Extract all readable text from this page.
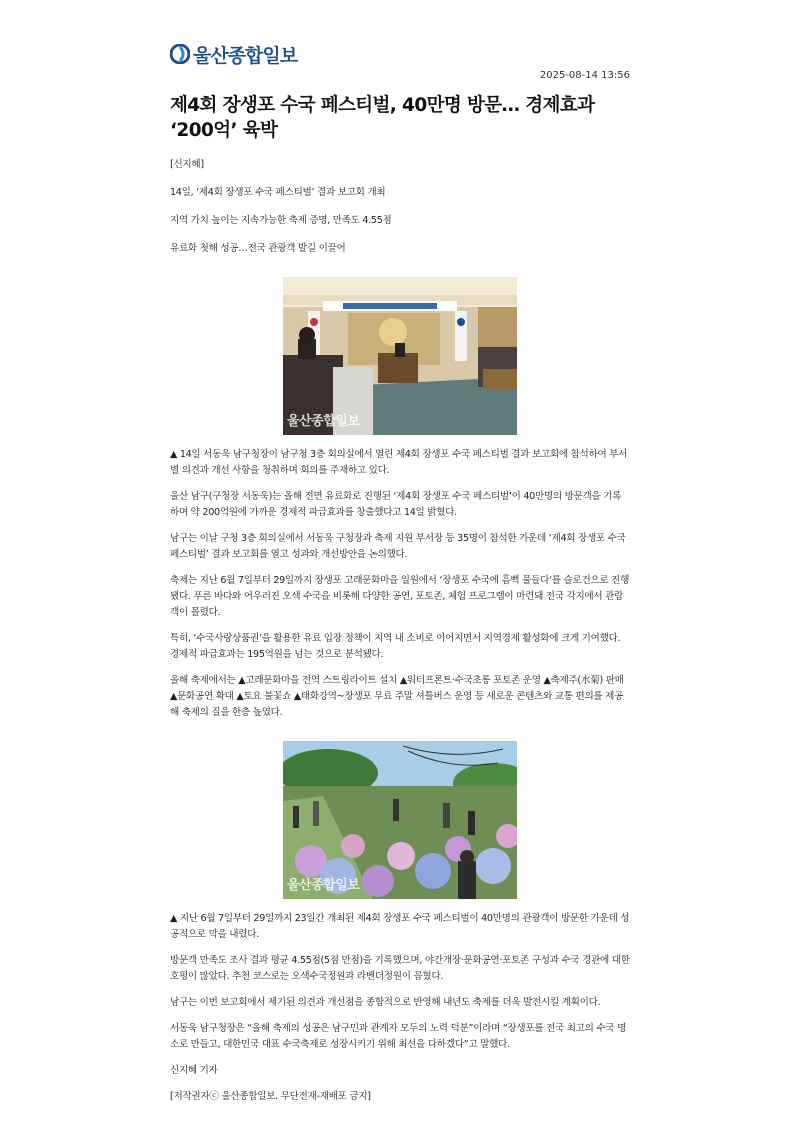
울산종합일보
2025-08-14 13:56
제4회 장생포 수국 페스티벌, 40만명 방문… 경제효과 ‘200억’ 육박

[신지혜]

14일, ‘제4회 장생포 수국 페스티벌’ 결과 보고회 개최

지역 가치 높이는 지속가능한 축제 증명, 만족도 4.55점

유료화 첫해 성공…전국 관광객 발길 이끌어

울산종합일보

▲ 14일 서동욱 남구청장이 남구청 3층 회의실에서 열린 제4회 장생포 수국 페스티벌 결과 보고회에 참석하여 부서별 의견과 개선 사항을 청취하며 회의를 주재하고 있다.

울산 남구(구청장 서동욱)는 올해 전면 유료화로 진행된 ‘제4회 장생포 수국 페스티벌’이 40만명의 방문객을 기록하며 약 200억원에 가까운 경제적 파급효과를 창출했다고 14일 밝혔다.

남구는 이날 구청 3층 회의실에서 서동욱 구청장과 축제 지원 부서장 등 35명이 참석한 가운데 ‘제4회 장생포 수국 페스티벌’ 결과 보고회를 열고 성과와 개선방안을 논의했다.

축제는 지난 6월 7일부터 29일까지 장생포 고래문화마을 일원에서 ‘장생포 수국에 흠뻑 물들다’를 슬로건으로 진행됐다. 푸른 바다와 어우러진 오색 수국을 비롯해 다양한 공연, 포토존, 체험 프로그램이 마련돼 전국 각지에서 관람객이 몰렸다.

특히, ‘수국사랑상품권’을 활용한 유료 입장 정책이 지역 내 소비로 이어지면서 지역경제 활성화에 크게 기여했다. 경제적 파급효과는 195억원을 넘는 것으로 분석됐다.

올해 축제에서는 ▲고래문화마을 전역 스트링라이트 설치 ▲워터프론트·수국초롱 포토존 운영 ▲축제주(水菊) 판매 ▲문화공연 확대 ▲토요 불꽃쇼 ▲태화강역~장생포 무료 주말 셔틀버스 운영 등 새로운 콘텐츠와 교통 편의를 제공해 축제의 질을 한층 높였다.

울산종합일보

▲ 지난 6월 7일부터 29일까지 23일간 개최된 제4회 장생포 수국 페스티벌이 40만명의 관광객이 방문한 가운데 성공적으로 막을 내렸다.

방문객 만족도 조사 결과 평균 4.55점(5점 만점)을 기록했으며, 야간개장·문화공연·포토존 구성과 수국 경관에 대한 호평이 많았다. 추천 코스로는 오색수국정원과 라벤더정원이 꼽혔다.

남구는 이번 보고회에서 제기된 의견과 개선점을 종합적으로 반영해 내년도 축제를 더욱 발전시킬 계획이다.

서동욱 남구청장은 “올해 축제의 성공은 남구민과 관계자 모두의 노력 덕분”이라며 “장생포를 전국 최고의 수국 명소로 만들고, 대한민국 대표 수국축제로 성장시키기 위해 최선을 다하겠다”고 말했다.

신지혜 기자

[저작권자ⓒ 울산종합일보. 무단전재-재배포 금지]
